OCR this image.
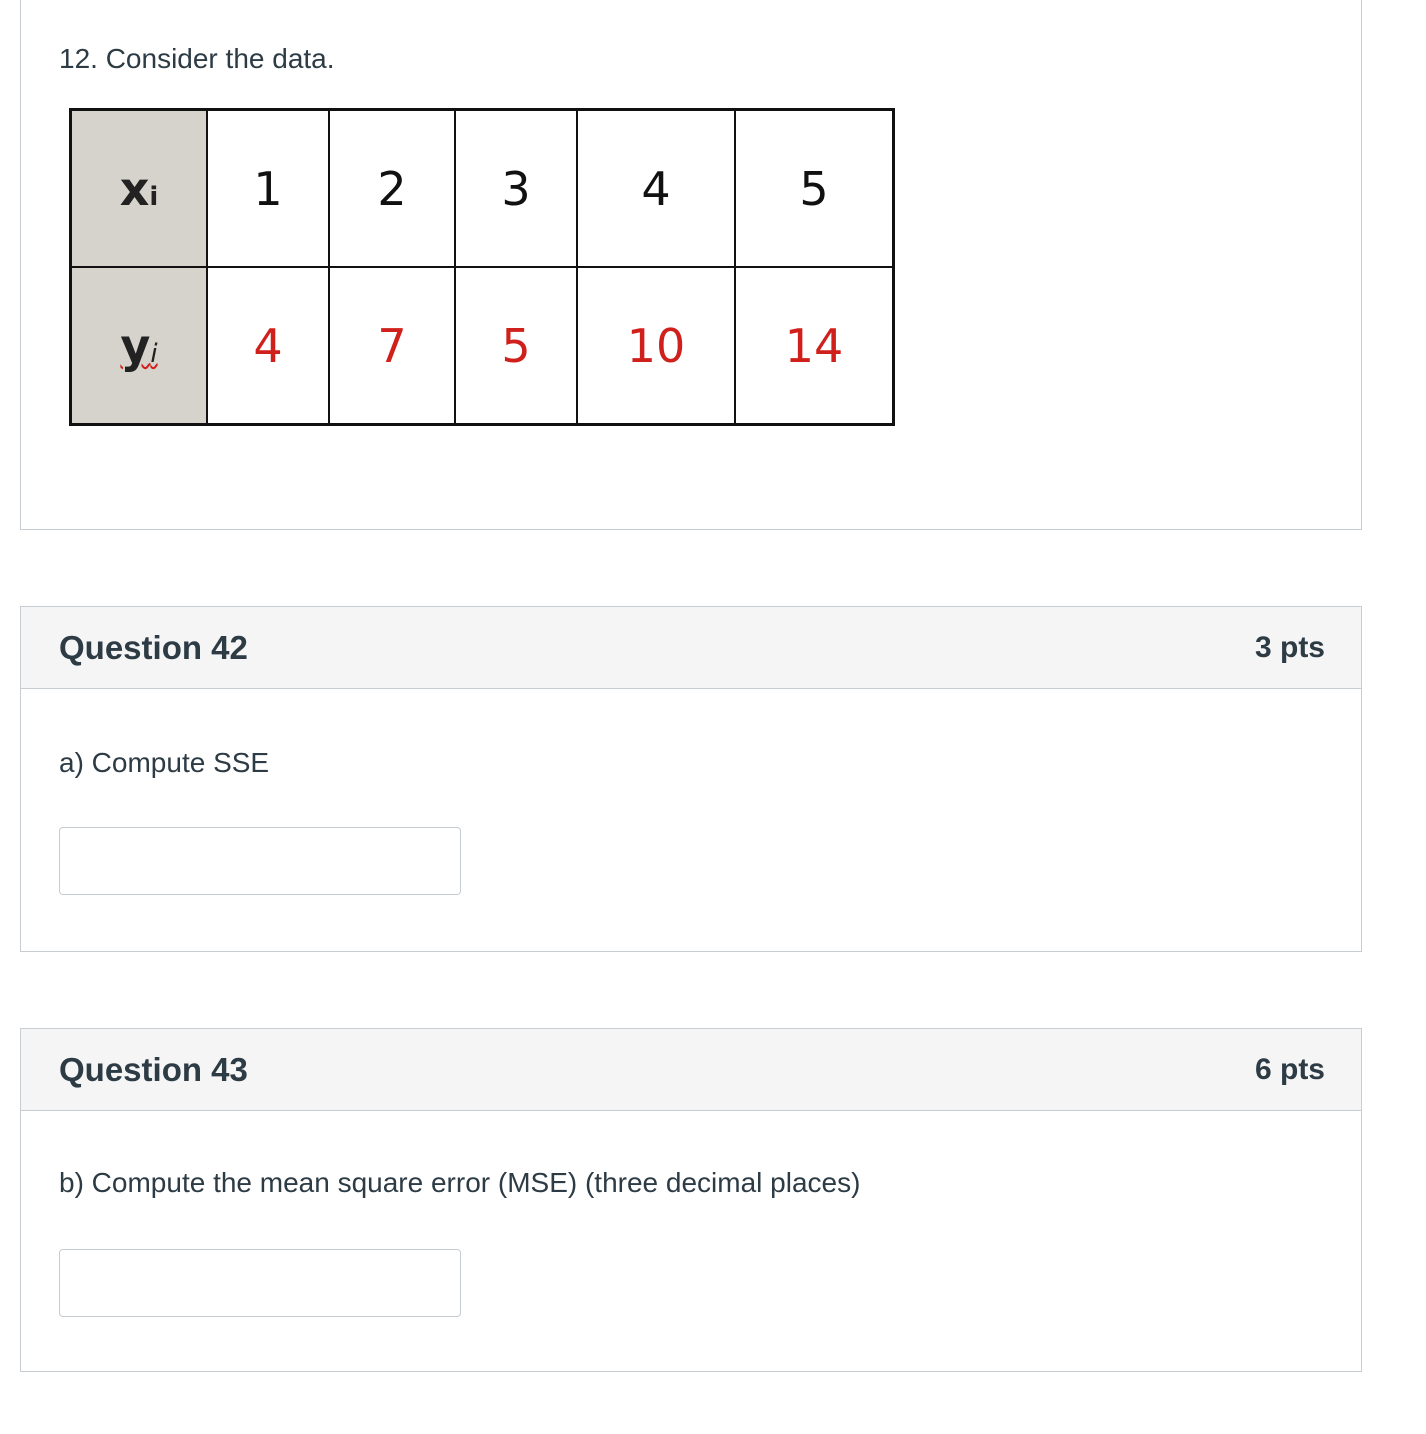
12. Consider the data.
xi	1	2	3	4	5
yi	4	7	5	10	14
Question 42	3 pts
a) Compute SSE
Question 43	6 pts
b) Compute the mean square error (MSE) (three decimal places)
